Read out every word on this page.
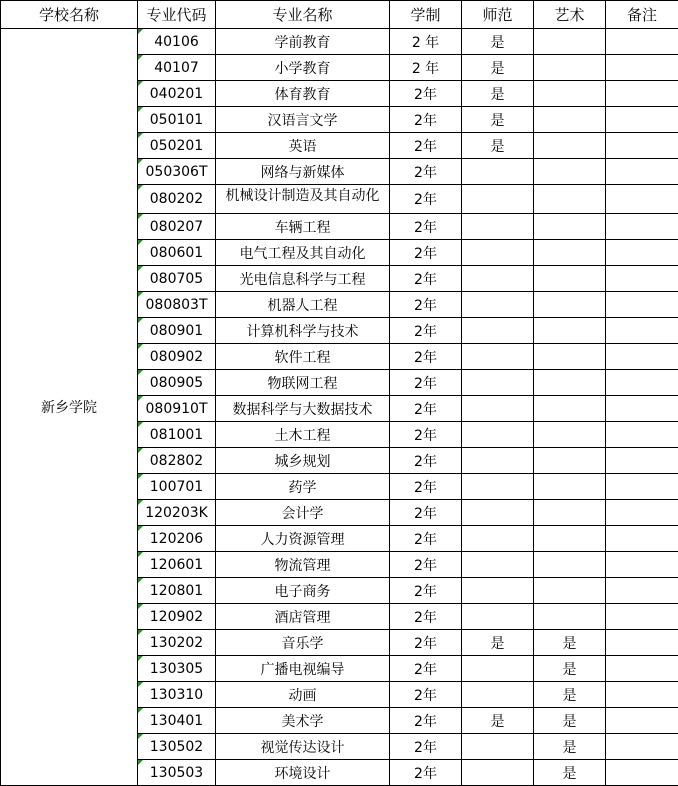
学校名称	专业代码	专业名称	学制	师范	艺术	备注
新乡学院	40106	学前教育	2 年	是		
	40107	小学教育	2 年	是		
	040201	体育教育	2年	是		
	050101	汉语言文学	2年	是		
	050201	英语	2年	是		
	050306T	网络与新媒体	2年			
	080202	机械设计制造及其自动化	2年			
	080207	车辆工程	2年			
	080601	电气工程及其自动化	2年			
	080705	光电信息科学与工程	2年			
	080803T	机器人工程	2年			
	080901	计算机科学与技术	2年			
	080902	软件工程	2年			
	080905	物联网工程	2年			
	080910T	数据科学与大数据技术	2年			
	081001	土木工程	2年			
	082802	城乡规划	2年			
	100701	药学	2年			
	120203K	会计学	2年			
	120206	人力资源管理	2年			
	120601	物流管理	2年			
	120801	电子商务	2年			
	120902	酒店管理	2年			
	130202	音乐学	2年	是	是	
	130305	广播电视编导	2年		是	
	130310	动画	2年		是	
	130401	美术学	2年	是	是	
	130502	视觉传达设计	2年		是	
	130503	环境设计	2年		是	
